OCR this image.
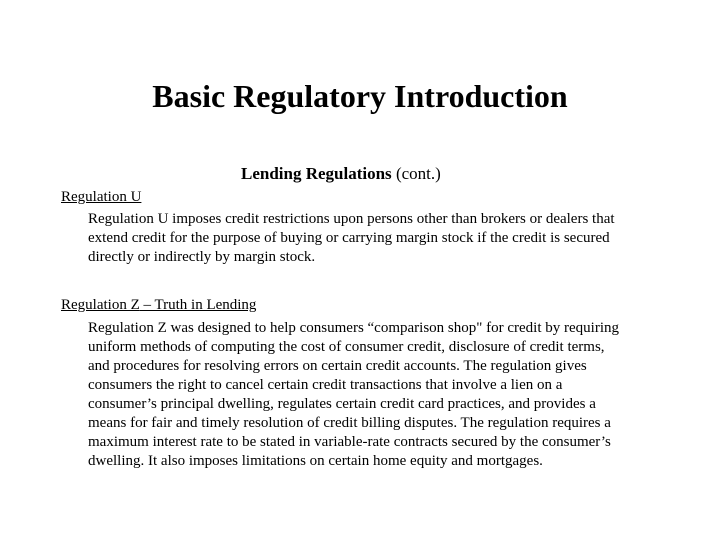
Basic Regulatory Introduction

Lending Regulations (cont.)

Regulation U

Regulation U imposes credit restrictions upon persons other than brokers or dealers that
extend credit for the purpose of buying or carrying margin stock if the credit is secured
directly or indirectly by margin stock.

Regulation Z – Truth in Lending

Regulation Z was designed to help consumers “comparison shop" for credit by requiring
uniform methods of computing the cost of consumer credit, disclosure of credit terms,
and procedures for resolving errors on certain credit accounts. The regulation gives
consumers the right to cancel certain credit transactions that involve a lien on a
consumer’s principal dwelling, regulates certain credit card practices, and provides a
means for fair and timely resolution of credit billing disputes. The regulation requires a
maximum interest rate to be stated in variable-rate contracts secured by the consumer’s
dwelling. It also imposes limitations on certain home equity and mortgages.
